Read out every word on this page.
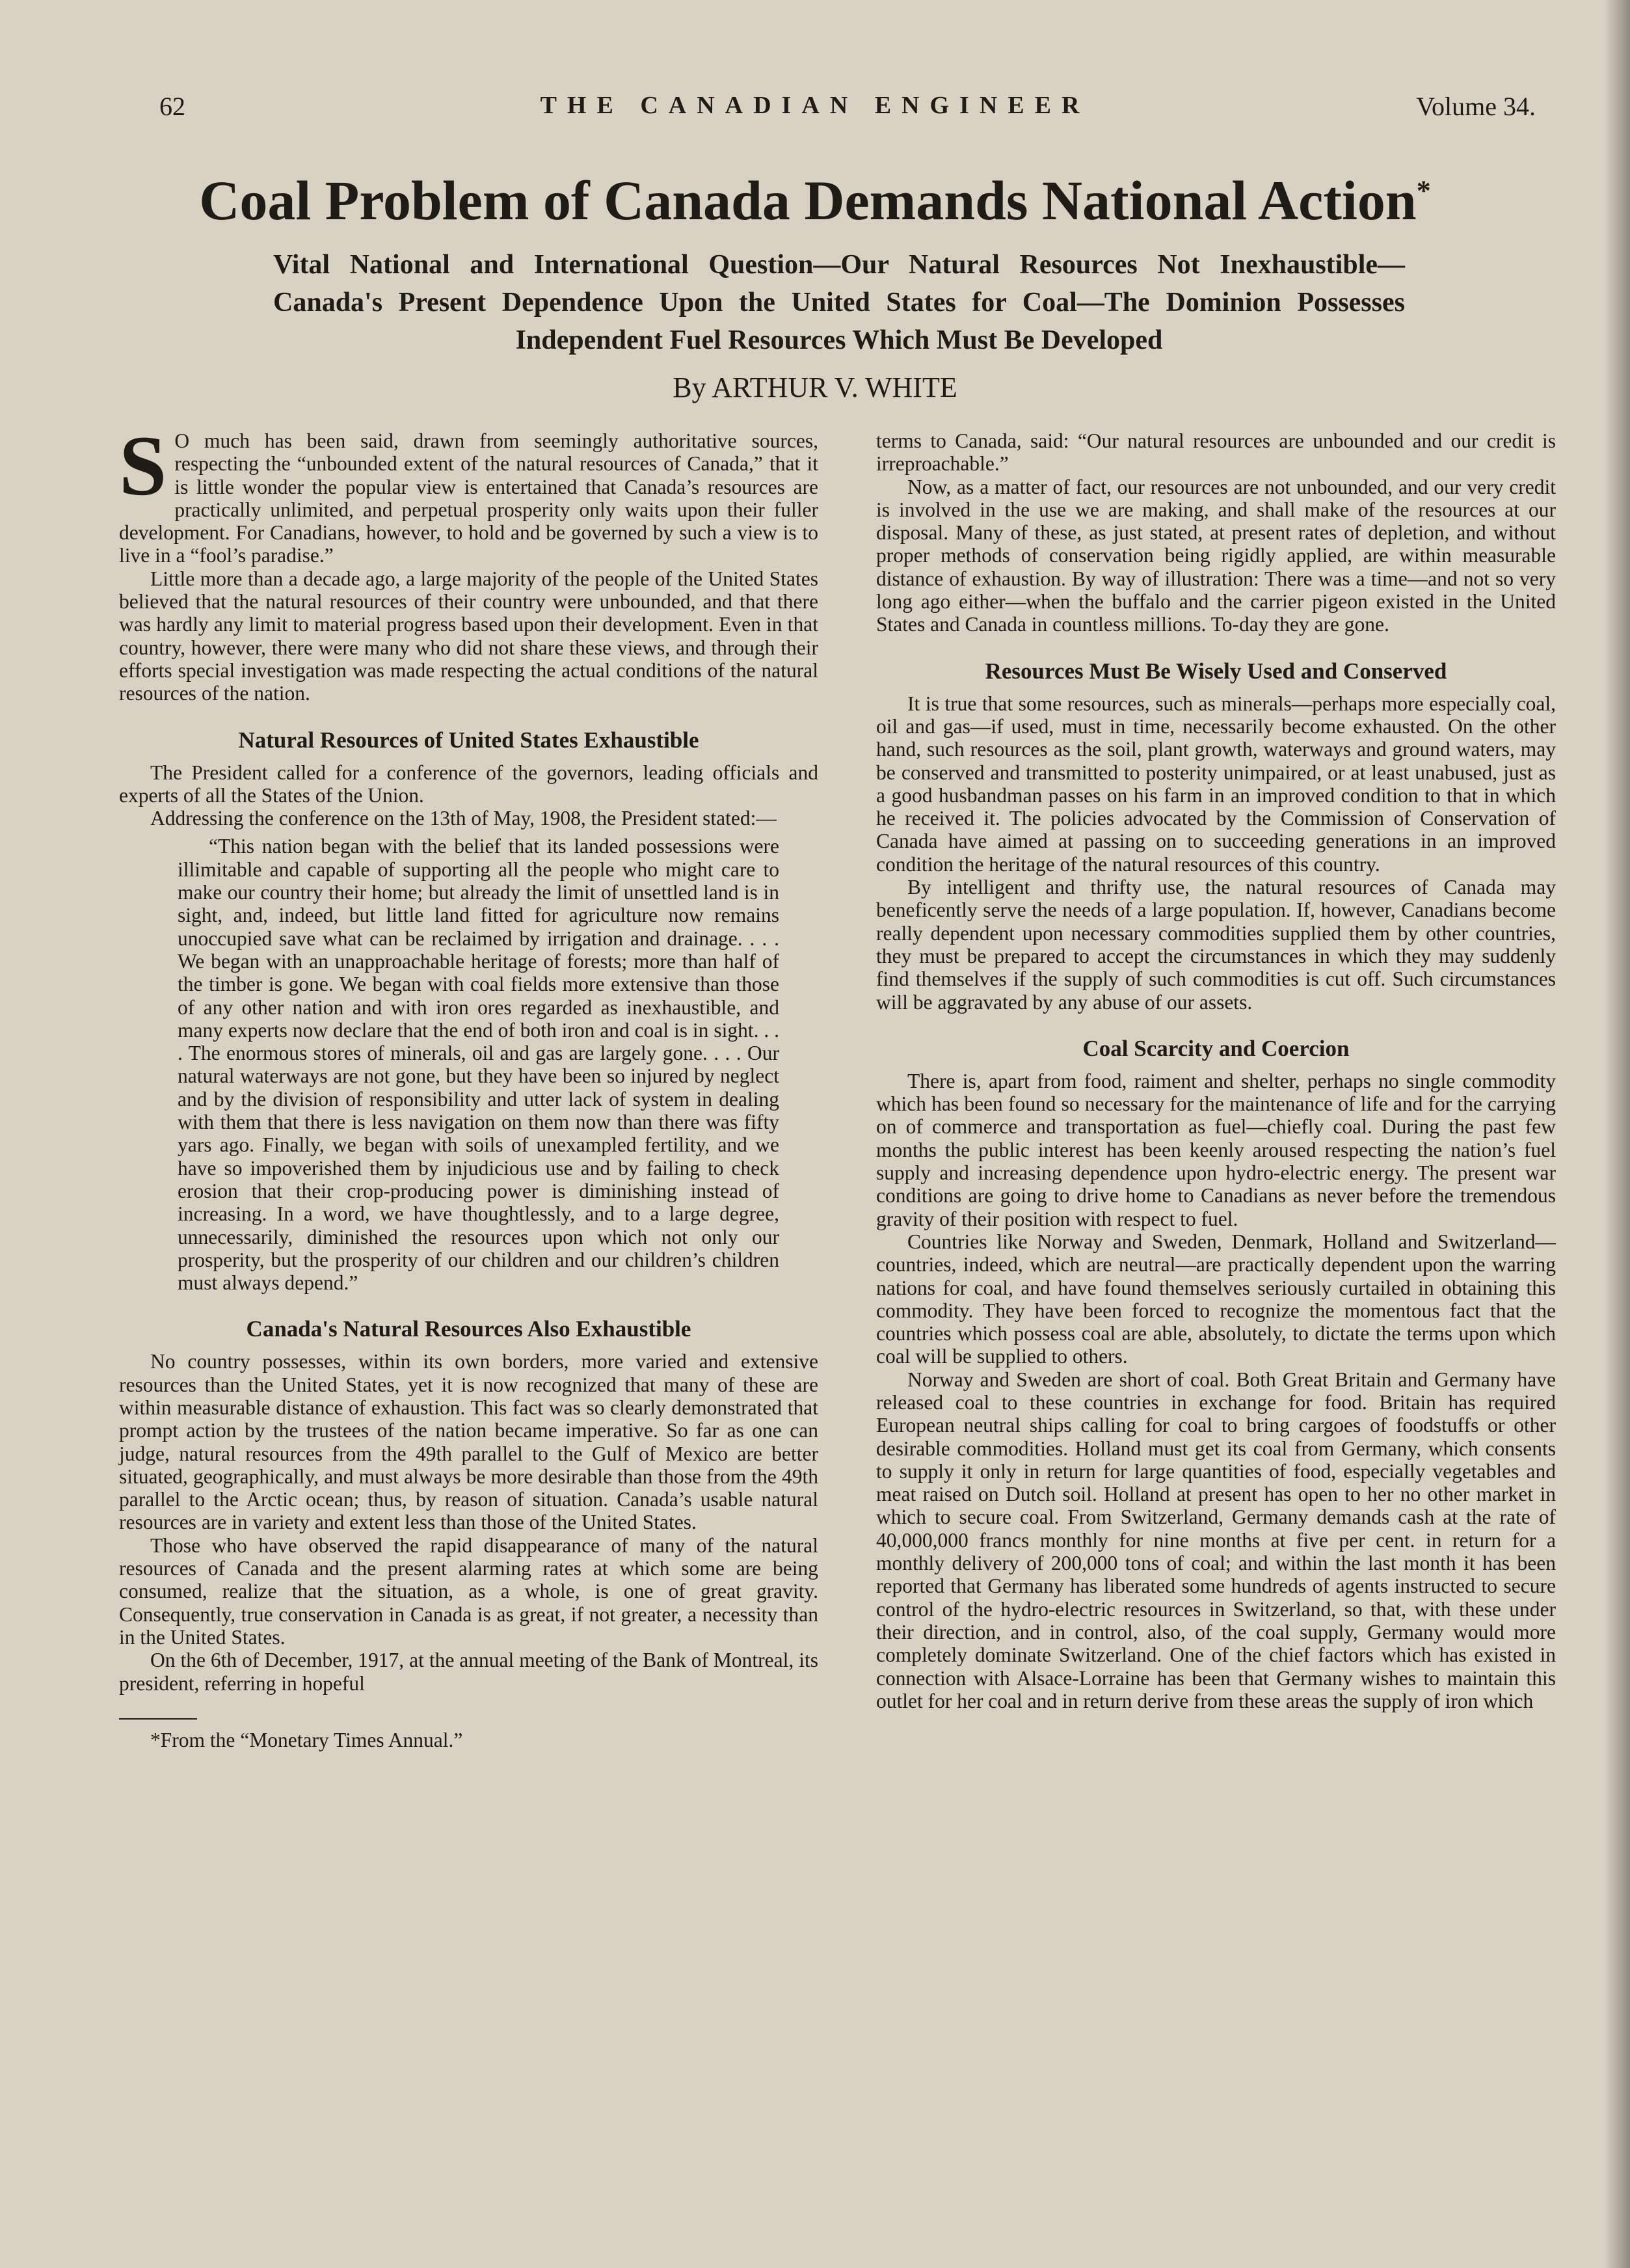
62	THE CANADIAN ENGINEER	Volume 34.
Coal Problem of Canada Demands National Action*

Vital National and International Question—Our Natural Resources Not Inexhaustible—Canada's Present Dependence Upon the United States for Coal—The Dominion Possesses Independent Fuel Resources Which Must Be Developed

By ARTHUR V. WHITE

S O much has been said, drawn from seemingly authoritative sources, respecting the “unbounded extent of the natural resources of Canada,” that it is little wonder the popular view is entertained that Canada’s resources are practically unlimited, and perpetual prosperity only waits upon their fuller development. For Canadians, however, to hold and be governed by such a view is to live in a “fool’s paradise.”

Little more than a decade ago, a large majority of the people of the United States believed that the natural resources of their country were unbounded, and that there was hardly any limit to material progress based upon their development. Even in that country, however, there were many who did not share these views, and through their efforts special investigation was made respecting the actual conditions of the natural resources of the nation.

Natural Resources of United States Exhaustible

The President called for a conference of the governors, leading officials and experts of all the States of the Union.

Addressing the conference on the 13th of May, 1908, the President stated:—

“This nation began with the belief that its landed possessions were illimitable and capable of supporting all the people who might care to make our country their home; but already the limit of unsettled land is in sight, and, indeed, but little land fitted for agriculture now remains unoccupied save what can be reclaimed by irrigation and drainage. . . . We began with an unapproachable heritage of forests; more than half of the timber is gone. We began with coal fields more extensive than those of any other nation and with iron ores regarded as inexhaustible, and many experts now declare that the end of both iron and coal is in sight. . . . The enormous stores of minerals, oil and gas are largely gone. . . . Our natural waterways are not gone, but they have been so injured by neglect and by the division of responsibility and utter lack of system in dealing with them that there is less navigation on them now than there was fifty yars ago. Finally, we began with soils of unexampled fertility, and we have so impoverished them by injudicious use and by failing to check erosion that their crop-producing power is diminishing instead of increasing. In a word, we have thoughtlessly, and to a large degree, unnecessarily, diminished the resources upon which not only our prosperity, but the prosperity of our children and our children’s children must always depend.”

Canada's Natural Resources Also Exhaustible

No country possesses, within its own borders, more varied and extensive resources than the United States, yet it is now recognized that many of these are within measurable distance of exhaustion. This fact was so clearly demonstrated that prompt action by the trustees of the nation became imperative. So far as one can judge, natural resources from the 49th parallel to the Gulf of Mexico are better situated, geographically, and must always be more desirable than those from the 49th parallel to the Arctic ocean; thus, by reason of situation. Canada’s usable natural resources are in variety and extent less than those of the United States.

Those who have observed the rapid disappearance of many of the natural resources of Canada and the present alarming rates at which some are being consumed, realize that the situation, as a whole, is one of great gravity. Consequently, true conservation in Canada is as great, if not greater, a necessity than in the United States.

On the 6th of December, 1917, at the annual meeting of the Bank of Montreal, its president, referring in hopeful

*From the “Monetary Times Annual.”

terms to Canada, said: “Our natural resources are unbounded and our credit is irreproachable.”

Now, as a matter of fact, our resources are not unbounded, and our very credit is involved in the use we are making, and shall make of the resources at our disposal. Many of these, as just stated, at present rates of depletion, and without proper methods of conservation being rigidly applied, are within measurable distance of exhaustion. By way of illustration: There was a time—and not so very long ago either—when the buffalo and the carrier pigeon existed in the United States and Canada in countless millions. To-day they are gone.

Resources Must Be Wisely Used and Conserved

It is true that some resources, such as minerals—perhaps more especially coal, oil and gas—if used, must in time, necessarily become exhausted. On the other hand, such resources as the soil, plant growth, waterways and ground waters, may be conserved and transmitted to posterity unimpaired, or at least unabused, just as a good husbandman passes on his farm in an improved condition to that in which he received it. The policies advocated by the Commission of Conservation of Canada have aimed at passing on to succeeding generations in an improved condition the heritage of the natural resources of this country.

By intelligent and thrifty use, the natural resources of Canada may beneficently serve the needs of a large population. If, however, Canadians become really dependent upon necessary commodities supplied them by other countries, they must be prepared to accept the circumstances in which they may suddenly find themselves if the supply of such commodities is cut off. Such circumstances will be aggravated by any abuse of our assets.

Coal Scarcity and Coercion

There is, apart from food, raiment and shelter, perhaps no single commodity which has been found so necessary for the maintenance of life and for the carrying on of commerce and transportation as fuel—chiefly coal. During the past few months the public interest has been keenly aroused respecting the nation’s fuel supply and increasing dependence upon hydro-electric energy. The present war conditions are going to drive home to Canadians as never before the tremendous gravity of their position with respect to fuel.

Countries like Norway and Sweden, Denmark, Holland and Switzerland—countries, indeed, which are neutral—are practically dependent upon the warring nations for coal, and have found themselves seriously curtailed in obtaining this commodity. They have been forced to recognize the momentous fact that the countries which possess coal are able, absolutely, to dictate the terms upon which coal will be supplied to others.

Norway and Sweden are short of coal. Both Great Britain and Germany have released coal to these countries in exchange for food. Britain has required European neutral ships calling for coal to bring cargoes of foodstuffs or other desirable commodities. Holland must get its coal from Germany, which consents to supply it only in return for large quantities of food, especially vegetables and meat raised on Dutch soil. Holland at present has open to her no other market in which to secure coal. From Switzerland, Germany demands cash at the rate of 40,000,000 francs monthly for nine months at five per cent. in return for a monthly delivery of 200,000 tons of coal; and within the last month it has been reported that Germany has liberated some hundreds of agents instructed to secure control of the hydro-electric resources in Switzerland, so that, with these under their direction, and in control, also, of the coal supply, Germany would more completely dominate Switzerland. One of the chief factors which has existed in connection with Alsace-Lorraine has been that Germany wishes to maintain this outlet for her coal and in return derive from these areas the supply of iron which
